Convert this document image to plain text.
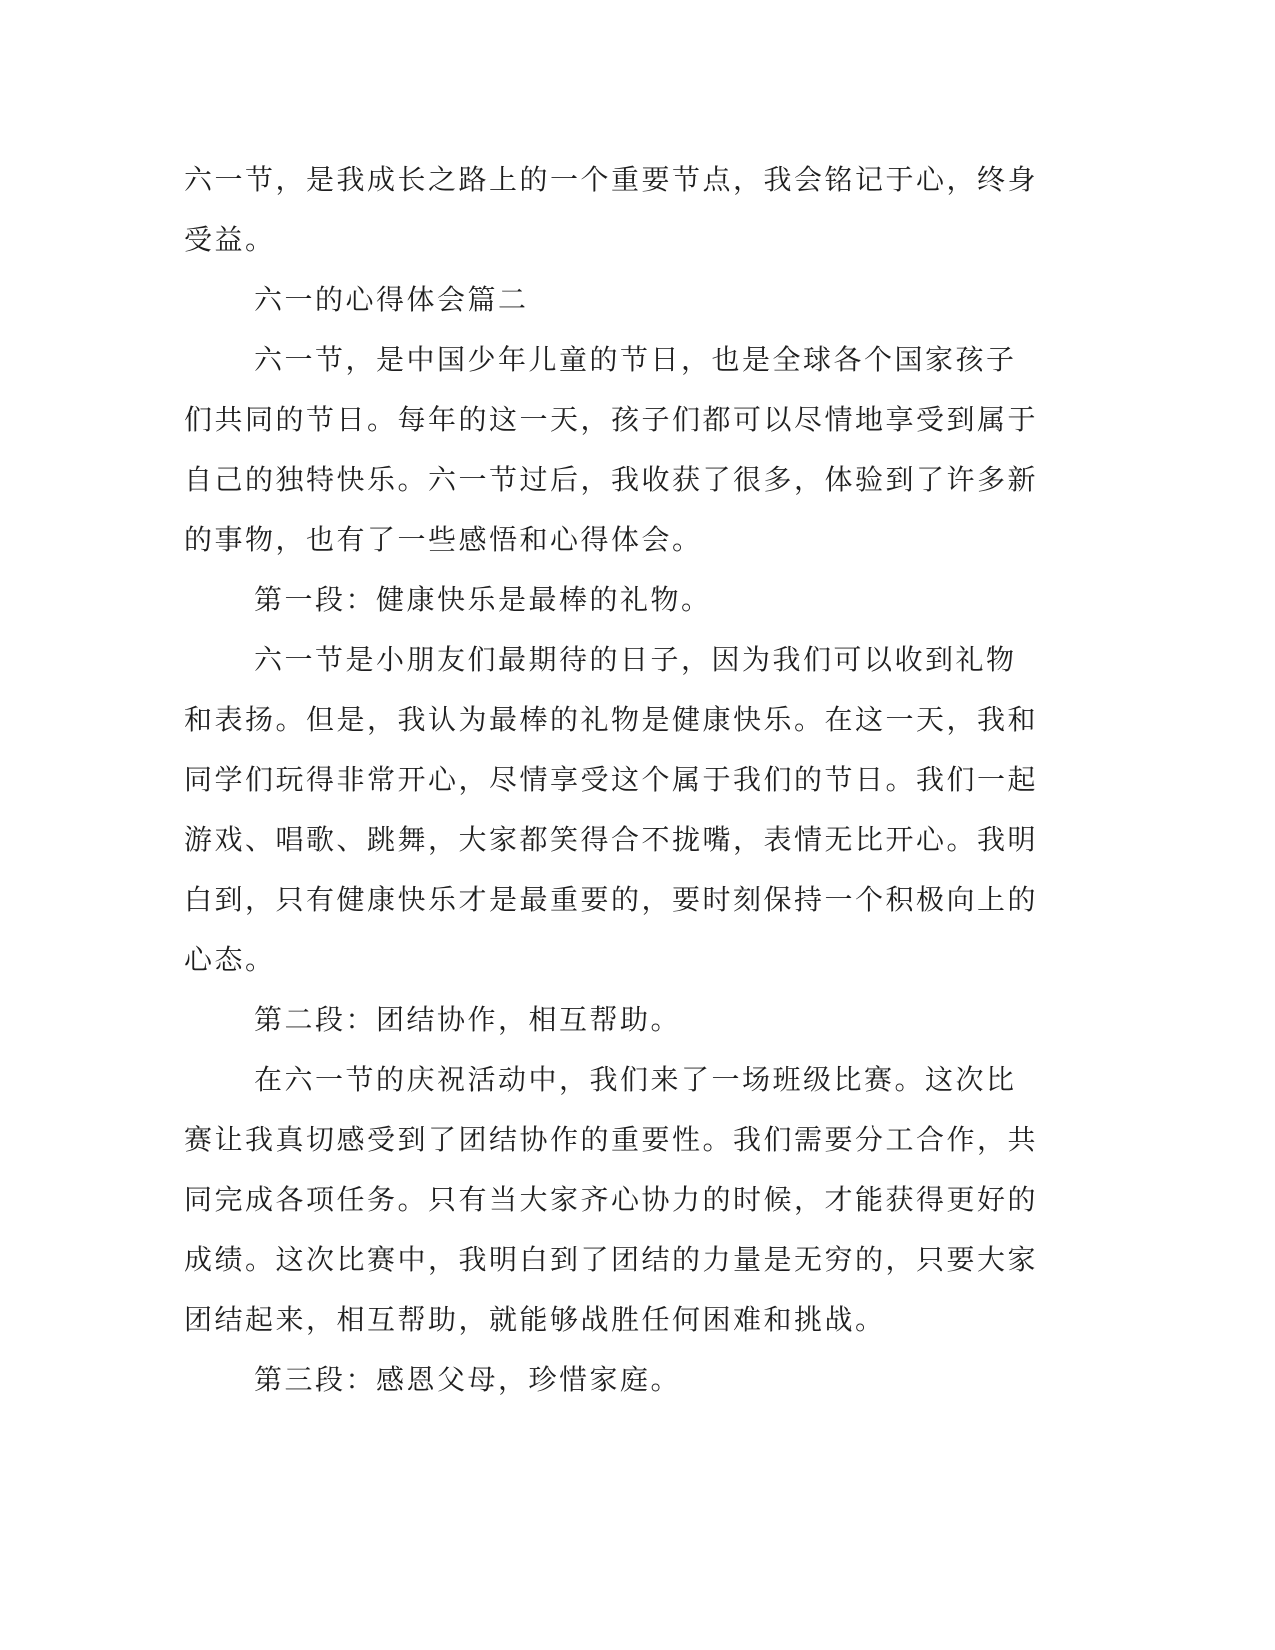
六一节，是我成长之路上的一个重要节点，我会铭记于心，终身受益。

六一的心得体会篇二

六一节，是中国少年儿童的节日，也是全球各个国家孩子们共同的节日。每年的这一天，孩子们都可以尽情地享受到属于自己的独特快乐。六一节过后，我收获了很多，体验到了许多新的事物，也有了一些感悟和心得体会。

第一段：健康快乐是最棒的礼物。

六一节是小朋友们最期待的日子，因为我们可以收到礼物和表扬。但是，我认为最棒的礼物是健康快乐。在这一天，我和同学们玩得非常开心，尽情享受这个属于我们的节日。我们一起游戏、唱歌、跳舞，大家都笑得合不拢嘴，表情无比开心。我明白到，只有健康快乐才是最重要的，要时刻保持一个积极向上的心态。

第二段：团结协作，相互帮助。

在六一节的庆祝活动中，我们来了一场班级比赛。这次比赛让我真切感受到了团结协作的重要性。我们需要分工合作，共同完成各项任务。只有当大家齐心协力的时候，才能获得更好的成绩。这次比赛中，我明白到了团结的力量是无穷的，只要大家团结起来，相互帮助，就能够战胜任何困难和挑战。

第三段：感恩父母，珍惜家庭。
